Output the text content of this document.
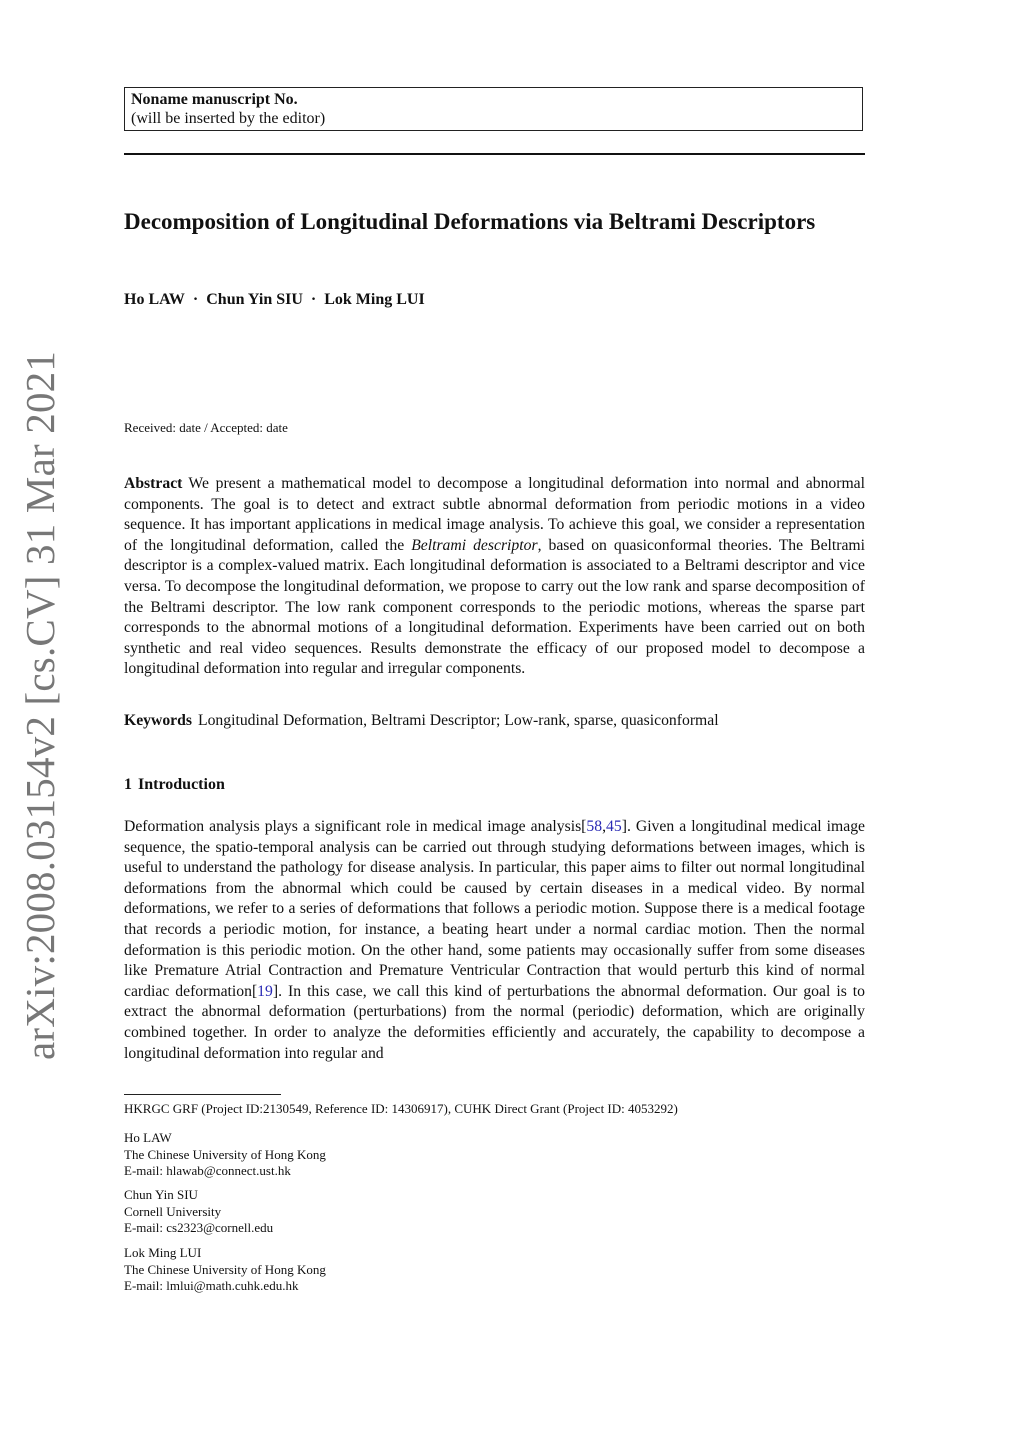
arXiv:2008.03154v2 [cs.CV] 31 Mar 2021
Noname manuscript No.
(will be inserted by the editor)
Decomposition of Longitudinal Deformations via Beltrami Descriptors
Ho LAW · Chun Yin SIU · Lok Ming LUI
Received: date / Accepted: date

Abstract We present a mathematical model to decompose a longitudinal deformation into normal and abnormal components. The goal is to detect and extract subtle abnormal deformation from periodic motions in a video sequence. It has important applications in medical image analysis. To achieve this goal, we consider a representation of the longitudinal deformation, called the Beltrami descriptor, based on quasiconformal theories. The Beltrami descriptor is a complex-valued matrix. Each longitudinal deformation is associated to a Beltrami descriptor and vice versa. To decompose the longitudinal deformation, we propose to carry out the low rank and sparse decomposition of the Beltrami descriptor. The low rank component corresponds to the periodic motions, whereas the sparse part corresponds to the abnormal motions of a longitudinal deformation. Experiments have been carried out on both synthetic and real video sequences. Results demonstrate the efficacy of our proposed model to decompose a longitudinal deformation into regular and irregular components.

Keywords Longitudinal Deformation, Beltrami Descriptor; Low-rank, sparse, quasiconformal

1 Introduction

Deformation analysis plays a significant role in medical image analysis[58,45]. Given a longitudinal medical image sequence, the spatio-temporal analysis can be carried out through studying deformations between images, which is useful to understand the pathology for disease analysis. In particular, this paper aims to filter out normal longitudinal deformations from the abnormal which could be caused by certain diseases in a medical video. By normal deformations, we refer to a series of deformations that follows a periodic motion. Suppose there is a medical footage that records a periodic motion, for instance, a beating heart under a normal cardiac motion. Then the normal deformation is this periodic motion. On the other hand, some patients may occasionally suffer from some diseases like Premature Atrial Contraction and Premature Ventricular Contraction that would perturb this kind of normal cardiac deformation[19]. In this case, we call this kind of perturbations the abnormal deformation. Our goal is to extract the abnormal deformation (perturbations) from the normal (periodic) deformation, which are originally combined together. In order to analyze the deformities efficiently and accurately, the capability to decompose a longitudinal deformation into regular and

HKRGC GRF (Project ID:2130549, Reference ID: 14306917), CUHK Direct Grant (Project ID: 4053292)
Ho LAW
The Chinese University of Hong Kong
E-mail: hlawab@connect.ust.hk
Chun Yin SIU
Cornell University
E-mail: cs2323@cornell.edu
Lok Ming LUI
The Chinese University of Hong Kong
E-mail: lmlui@math.cuhk.edu.hk
